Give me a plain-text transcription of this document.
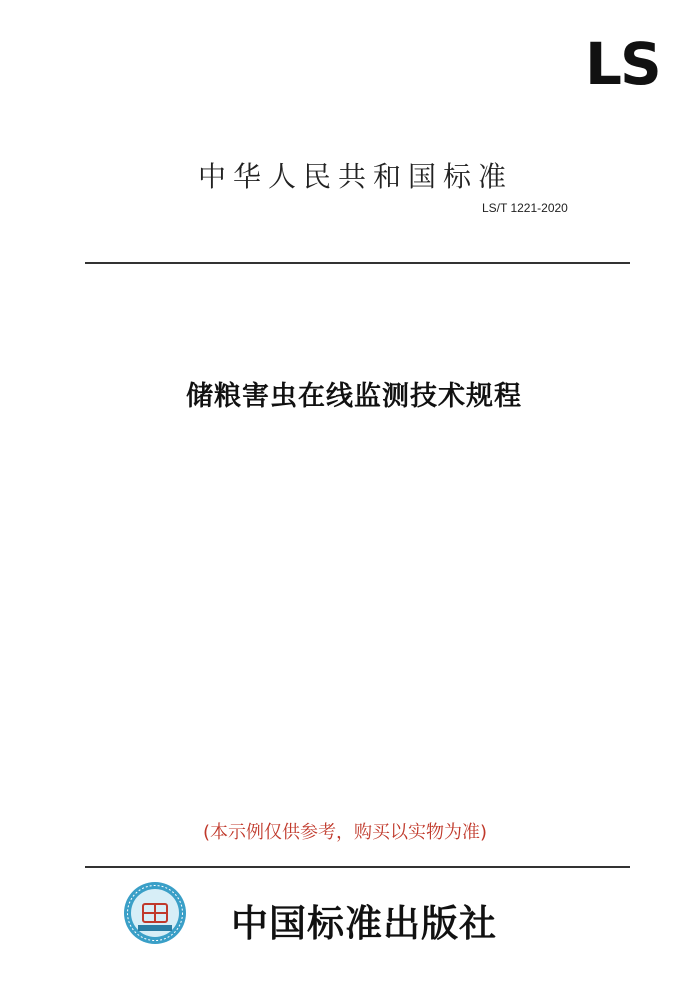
LS
中华人民共和国标准
LS/T 1221-2020
储粮害虫在线监测技术规程
(本示例仅供参考，购买以实物为准)
中国标准出版社
